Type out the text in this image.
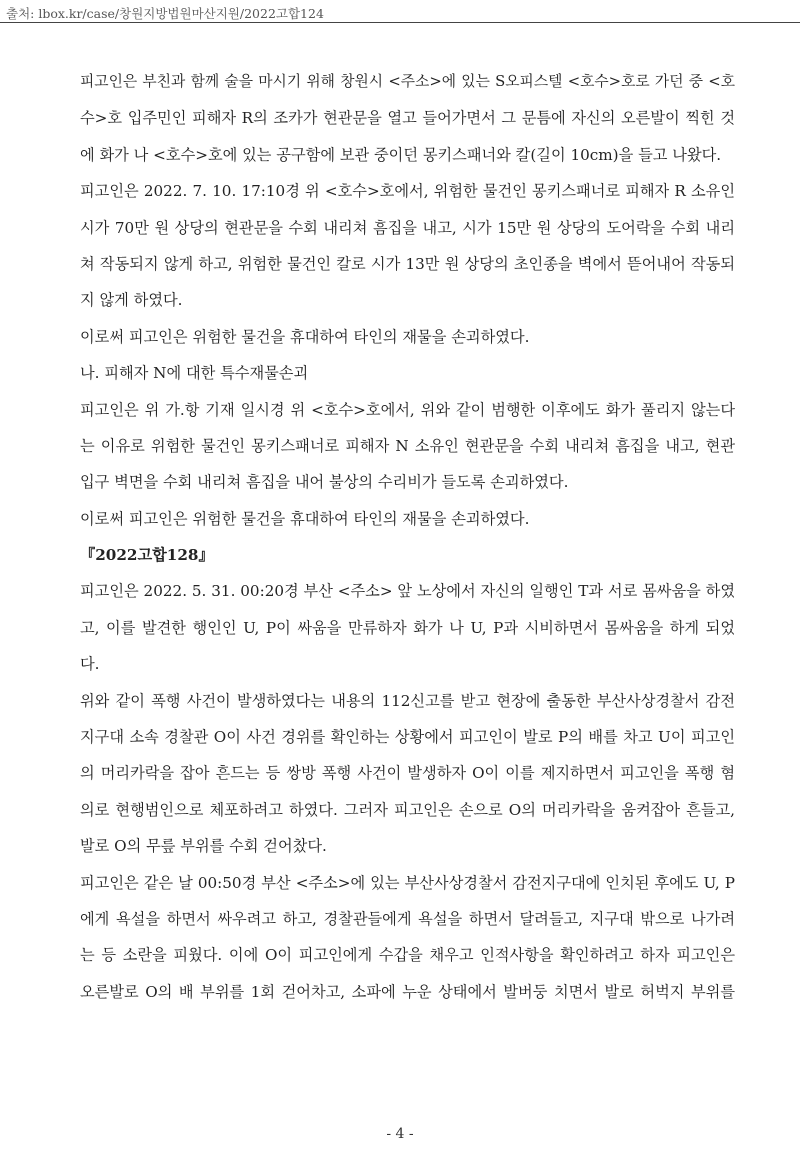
출처: lbox.kr/case/창원지방법원마산지원/2022고합124
피고인은 부친과 함께 술을 마시기 위해 창원시 <주소>에 있는 S오피스텔 <호수>호로 가던 중 <호
수>호 입주민인 피해자 R의 조카가 현관문을 열고 들어가면서 그 문틈에 자신의 오른발이 찍힌 것
에 화가 나 <호수>호에 있는 공구함에 보관 중이던 몽키스패너와 칼(길이 10cm)을 들고 나왔다.
피고인은 2022. 7. 10. 17:10경 위 <호수>호에서, 위험한 물건인 몽키스패너로 피해자 R 소유인
시가 70만 원 상당의 현관문을 수회 내리쳐 흠집을 내고, 시가 15만 원 상당의 도어락을 수회 내리
쳐 작동되지 않게 하고, 위험한 물건인 칼로 시가 13만 원 상당의 초인종을 벽에서 뜯어내어 작동되
지 않게 하였다.
이로써 피고인은 위험한 물건을 휴대하여 타인의 재물을 손괴하였다.
나. 피해자 N에 대한 특수재물손괴
피고인은 위 가.항 기재 일시경 위 <호수>호에서, 위와 같이 범행한 이후에도 화가 풀리지 않는다
는 이유로 위험한 물건인 몽키스패너로 피해자 N 소유인 현관문을 수회 내리쳐 흠집을 내고, 현관
입구 벽면을 수회 내리쳐 흠집을 내어 불상의 수리비가 들도록 손괴하였다.
이로써 피고인은 위험한 물건을 휴대하여 타인의 재물을 손괴하였다.
『2022고합128』
피고인은 2022. 5. 31. 00:20경 부산 <주소> 앞 노상에서 자신의 일행인 T과 서로 몸싸움을 하였
고, 이를 발견한 행인인 U, P이 싸움을 만류하자 화가 나 U, P과 시비하면서 몸싸움을 하게 되었
다.
위와 같이 폭행 사건이 발생하였다는 내용의 112신고를 받고 현장에 출동한 부산사상경찰서 감전
지구대 소속 경찰관 O이 사건 경위를 확인하는 상황에서 피고인이 발로 P의 배를 차고 U이 피고인
의 머리카락을 잡아 흔드는 등 쌍방 폭행 사건이 발생하자 O이 이를 제지하면서 피고인을 폭행 혐
의로 현행범인으로 체포하려고 하였다. 그러자 피고인은 손으로 O의 머리카락을 움켜잡아 흔들고,
발로 O의 무릎 부위를 수회 걷어찼다.
피고인은 같은 날 00:50경 부산 <주소>에 있는 부산사상경찰서 감전지구대에 인치된 후에도 U, P
에게 욕설을 하면서 싸우려고 하고, 경찰관들에게 욕설을 하면서 달려들고, 지구대 밖으로 나가려
는 등 소란을 피웠다. 이에 O이 피고인에게 수갑을 채우고 인적사항을 확인하려고 하자 피고인은
오른발로 O의 배 부위를 1회 걷어차고, 소파에 누운 상태에서 발버둥 치면서 발로 허벅지 부위를
- 4 -
